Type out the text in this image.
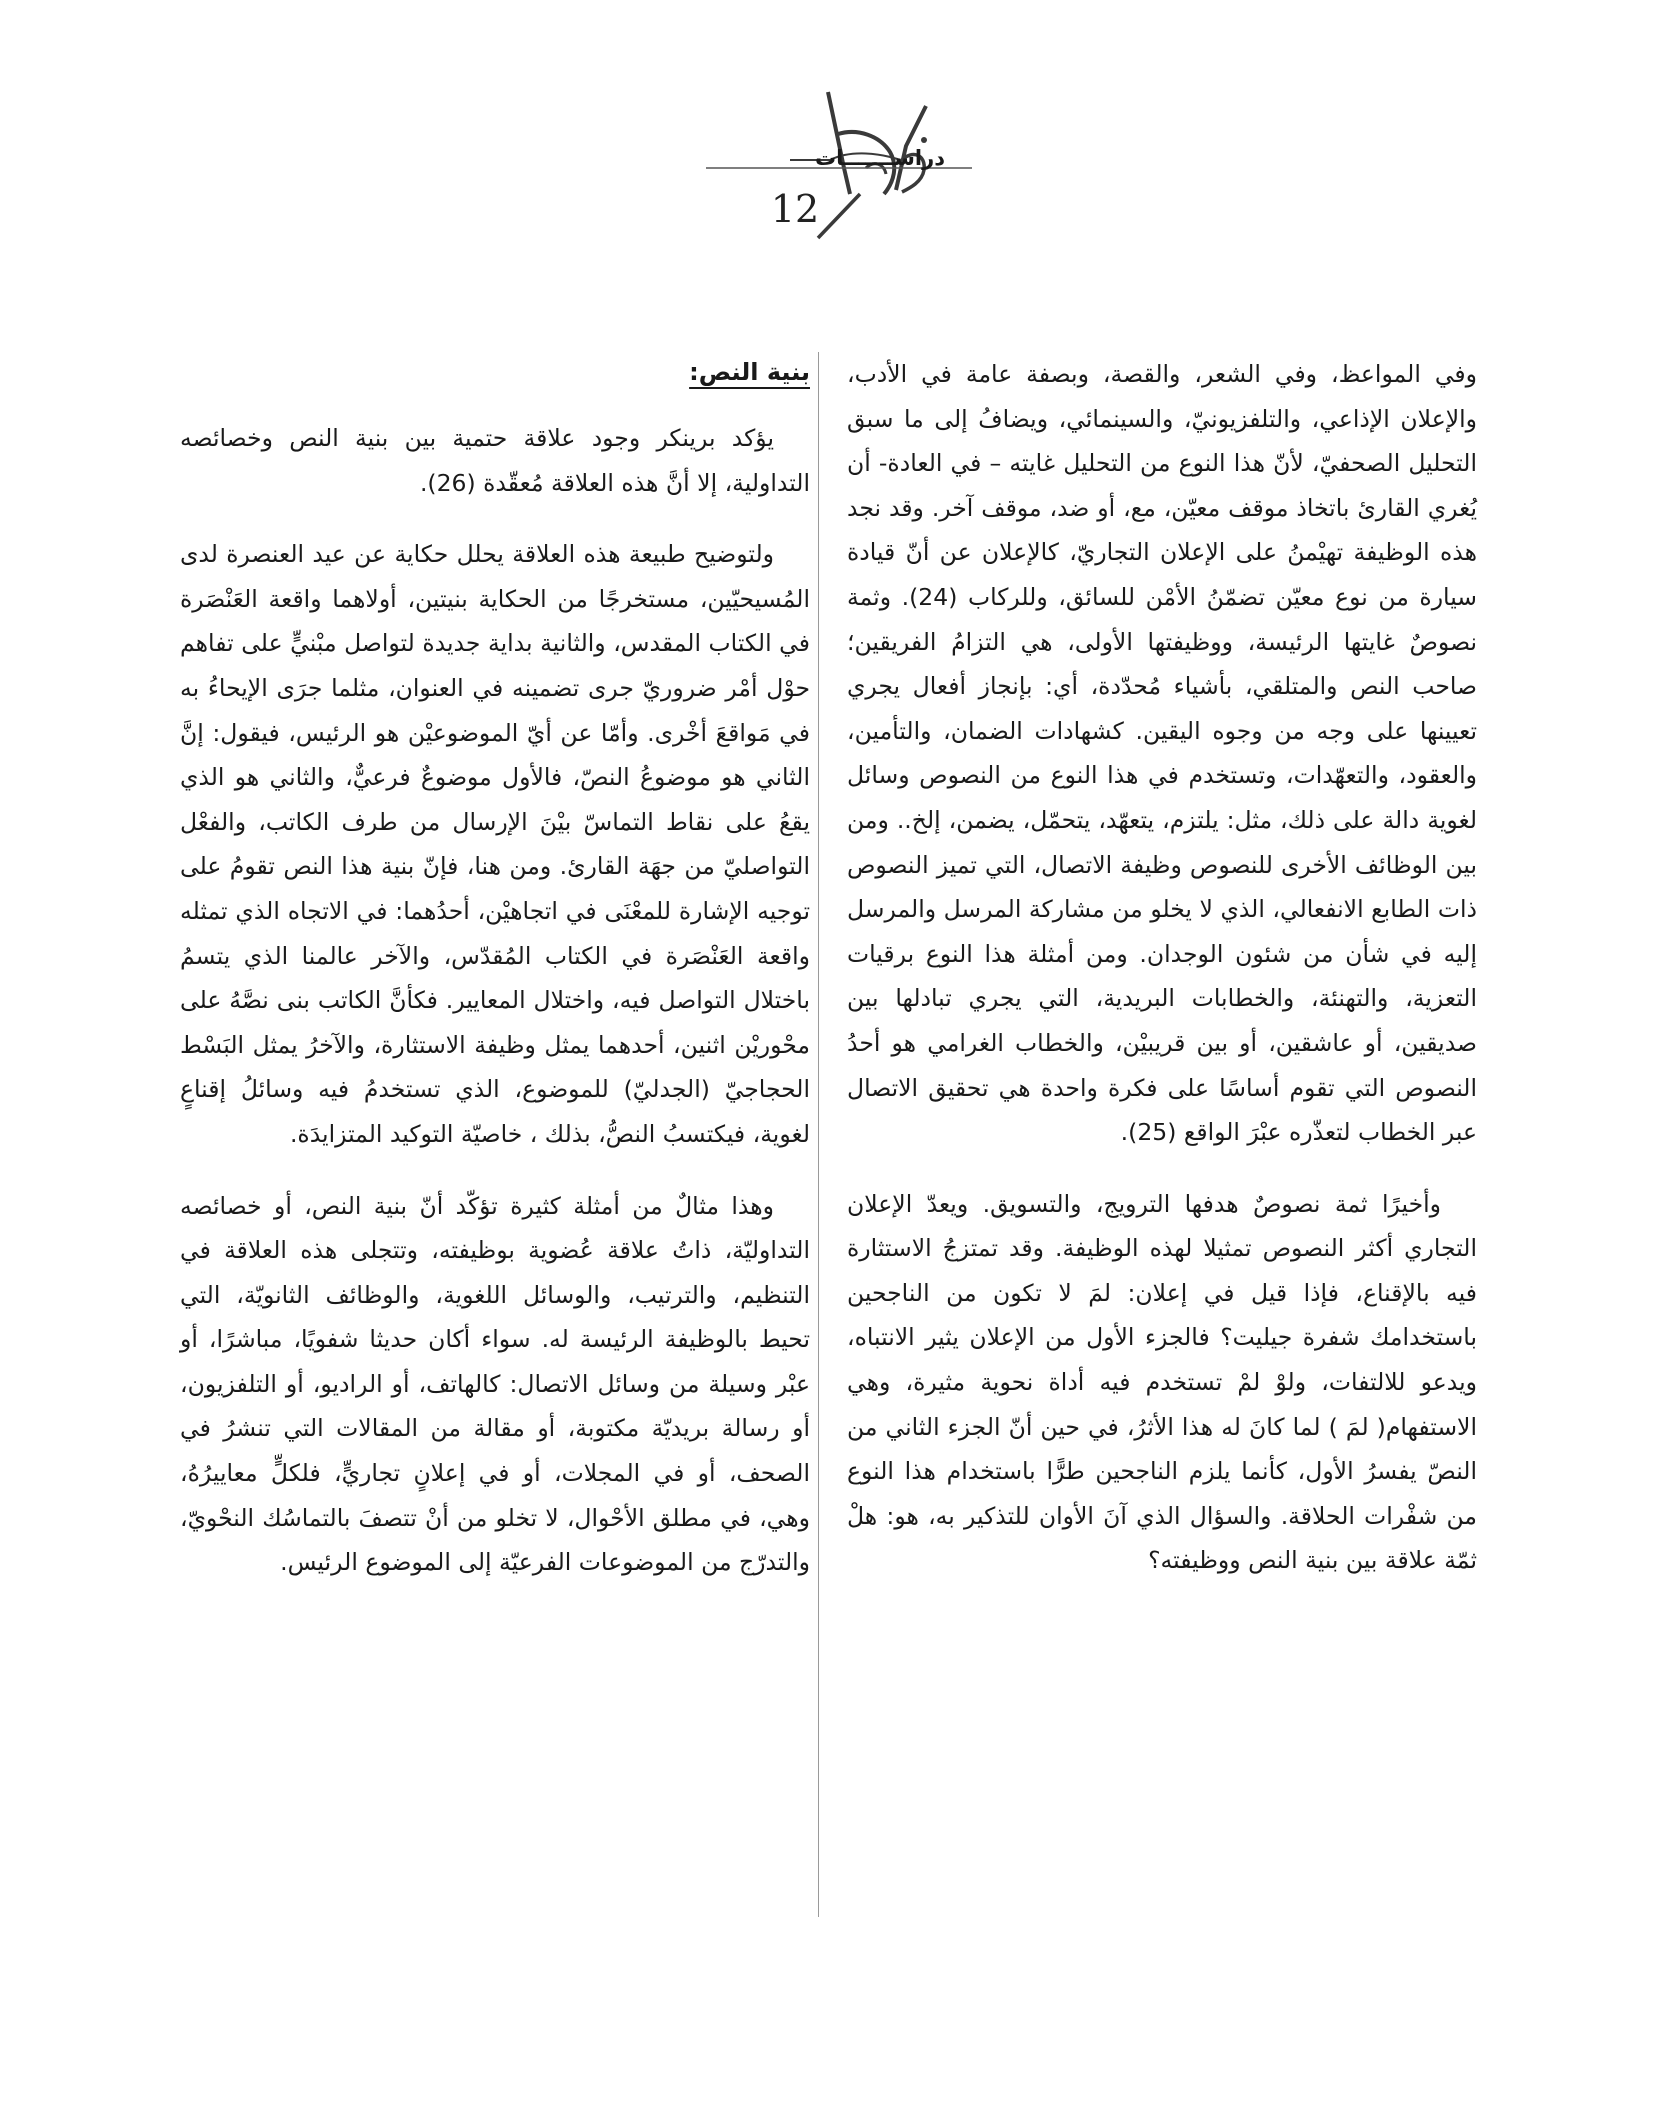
دراســـــــات
12

وفي المواعظ، وفي الشعر، والقصة، وبصفة عامة في الأدب، والإعلان الإذاعي، والتلفزيونيّ، والسينمائي، ويضافُ إلى ما سبق التحليل الصحفيّ، لأنّ هذا النوع من التحليل غايته – في العادة- أن يُغري القارئ باتخاذ موقف معيّن، مع، أو ضد، موقف آخر. وقد نجد هذه الوظيفة تهيْمنُ على الإعلان التجاريّ، كالإعلان عن أنّ قيادة سيارة من نوع معيّن تضمّنُ الأمْن للسائق، وللركاب (24). وثمة نصوصٌ غايتها الرئيسة، ووظيفتها الأولى، هي التزامُ الفريقين؛ صاحب النص والمتلقي، بأشياء مُحدّدة، أي: بإنجاز أفعال يجري تعيينها على وجه من وجوه اليقين. كشهادات الضمان، والتأمين، والعقود، والتعهّدات، وتستخدم في هذا النوع من النصوص وسائل لغوية دالة على ذلك، مثل: يلتزم، يتعهّد، يتحمّل، يضمن، إلخ.. ومن بين الوظائف الأخرى للنصوص وظيفة الاتصال، التي تميز النصوص ذات الطابع الانفعالي، الذي لا يخلو من مشاركة المرسل والمرسل إليه في شأن من شئون الوجدان. ومن أمثلة هذا النوع برقيات التعزية، والتهنئة، والخطابات البريدية، التي يجري تبادلها بين صديقين، أو عاشقين، أو بين قريبيْن، والخطاب الغرامي هو أحدُ النصوص التي تقوم أساسًا على فكرة واحدة هي تحقيق الاتصال عبر الخطاب لتعذّره عبْرَ الواقع (25).

وأخيرًا ثمة نصوصٌ هدفها الترويج، والتسويق. ويعدّ الإعلان التجاري أكثر النصوص تمثيلا لهذه الوظيفة. وقد تمتزجُ الاستثارة فيه بالإقناع، فإذا قيل في إعلان: لمَ لا تكون من الناجحين باستخدامك شفرة جيليت؟ فالجزء الأول من الإعلان يثير الانتباه، ويدعو للالتفات، ولوْ لمْ تستخدم فيه أداة نحوية مثيرة، وهي الاستفهام( لمَ ) لما كانَ له هذا الأثرُ، في حين أنّ الجزء الثاني من النصّ يفسرُ الأول، كأنما يلزم الناجحين طرًّا باستخدام هذا النوع من شفْرات الحلاقة. والسؤال الذي آنَ الأوان للتذكير به، هو: هلْ ثمّة علاقة بين بنية النص ووظيفته؟

بنية النص:

يؤكد برينكر وجود علاقة حتمية بين بنية النص وخصائصه التداولية، إلا أنَّ هذه العلاقة مُعقّدة (26).

ولتوضيح طبيعة هذه العلاقة يحلل حكاية عن عيد العنصرة لدى المُسيحيّين، مستخرجًا من الحكاية بنيتين، أولاهما واقعة العَنْصَرة في الكتاب المقدس، والثانية بداية جديدة لتواصل مبْنيٍّ على تفاهم حوْل أمْر ضروريّ جرى تضمينه في العنوان، مثلما جرَى الإيحاءُ به في مَواقعَ أخْرى. وأمّا عن أيّ الموضوعيْن هو الرئيس، فيقول: إنَّ الثاني هو موضوعُ النصّ، فالأول موضوعٌ فرعيٌّ، والثاني هو الذي يقعُ على نقاط التماسّ بيْنَ الإرسال من طرف الكاتب، والفعْل التواصليّ من جهَة القارئ. ومن هنا، فإنّ بنية هذا النص تقومُ على توجيه الإشارة للمعْنَى في اتجاهيْن، أحدُهما: في الاتجاه الذي تمثله واقعة العَنْصَرة في الكتاب المُقدّس، والآخر عالمنا الذي يتسمُ باختلال التواصل فيه، واختلال المعايير. فكأنَّ الكاتب بنى نصَّهُ على محْوريْن اثنين، أحدهما يمثل وظيفة الاستثارة، والآخرُ يمثل البَسْط الحجاجيّ (الجدليّ) للموضوع، الذي تستخدمُ فيه وسائلُ إقناعٍ لغوية، فيكتسبُ النصُّ، بذلك ، خاصيّة التوكيد المتزايدَة.

وهذا مثالٌ من أمثلة كثيرة تؤكّد أنّ بنية النص، أو خصائصه التداوليّة، ذاتُ علاقة عُضوية بوظيفته، وتتجلى هذه العلاقة في التنظيم، والترتيب، والوسائل اللغوية، والوظائف الثانويّة، التي تحيط بالوظيفة الرئيسة له. سواء أكان حديثا شفويًا، مباشرًا، أو عبْر وسيلة من وسائل الاتصال: كالهاتف، أو الراديو، أو التلفزيون، أو رسالة بريديّة مكتوبة، أو مقالة من المقالات التي تنشرُ في الصحف، أو في المجلات، أو في إعلانٍ تجاريٍّ، فلكلٍّ معاييرُهُ، وهي، في مطلق الأحْوال، لا تخلو من أنْ تتصفَ بالتماسُك النحْويّ، والتدرّج من الموضوعات الفرعيّة إلى الموضوع الرئيس.
